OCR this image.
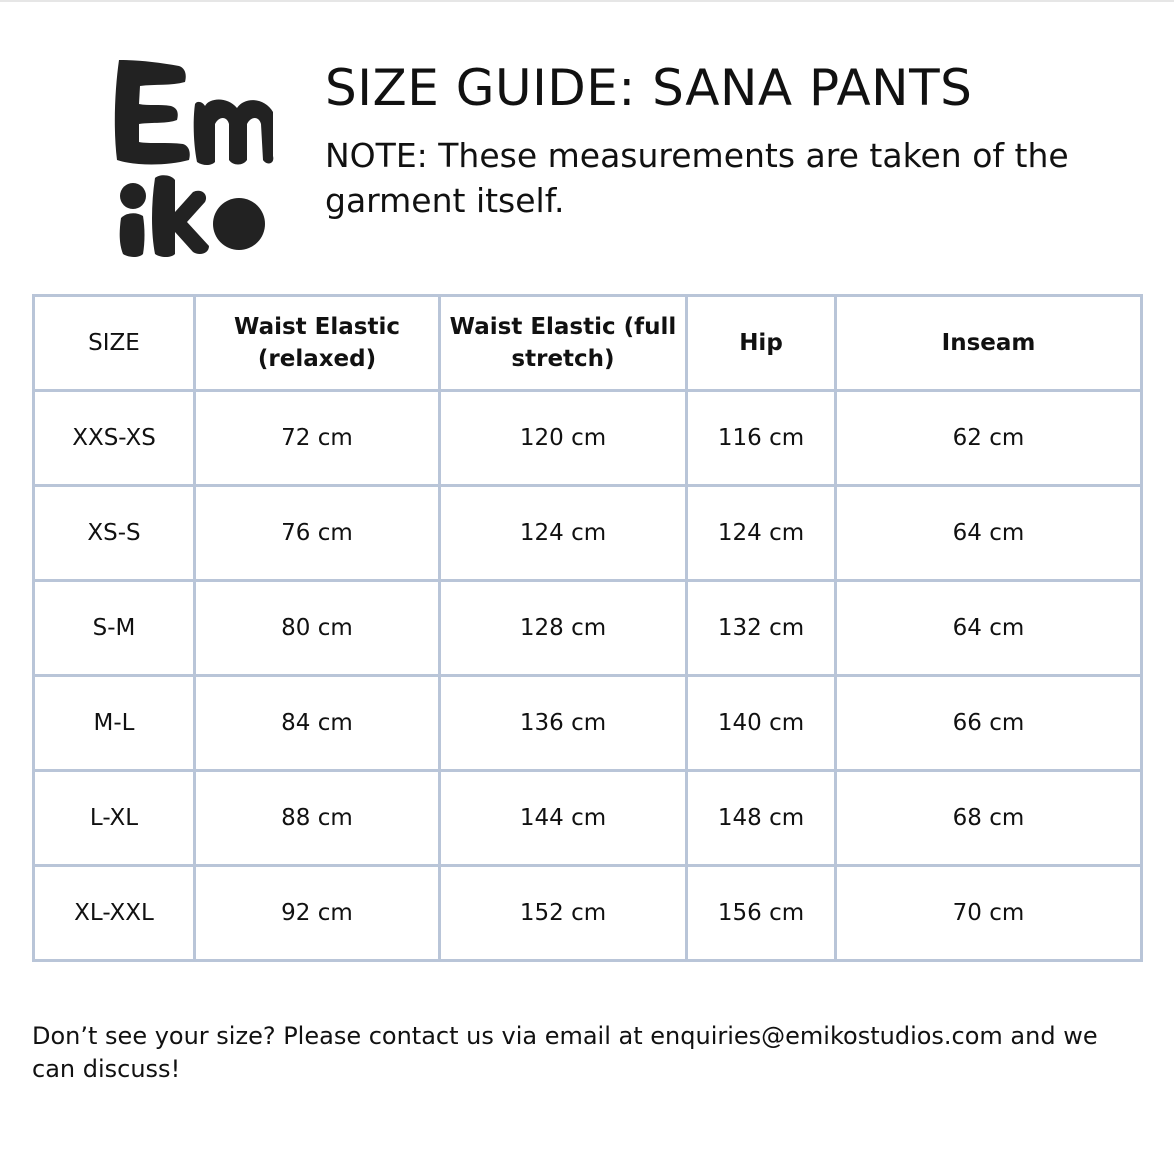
SIZE GUIDE: SANA PANTS

NOTE: These measurements are taken of the garment itself.

SIZE	Waist Elastic (relaxed)	Waist Elastic (full stretch)	Hip	Inseam
XXS-XS	72 cm	120 cm	116 cm	62 cm
XS-S	76 cm	124 cm	124 cm	64 cm
S-M	80 cm	128 cm	132 cm	64 cm
M-L	84 cm	136 cm	140 cm	66 cm
L-XL	88 cm	144 cm	148 cm	68 cm
XL-XXL	92 cm	152 cm	156 cm	70 cm

Don’t see your size? Please contact us via email at enquiries@emikostudios.com and we can discuss!
